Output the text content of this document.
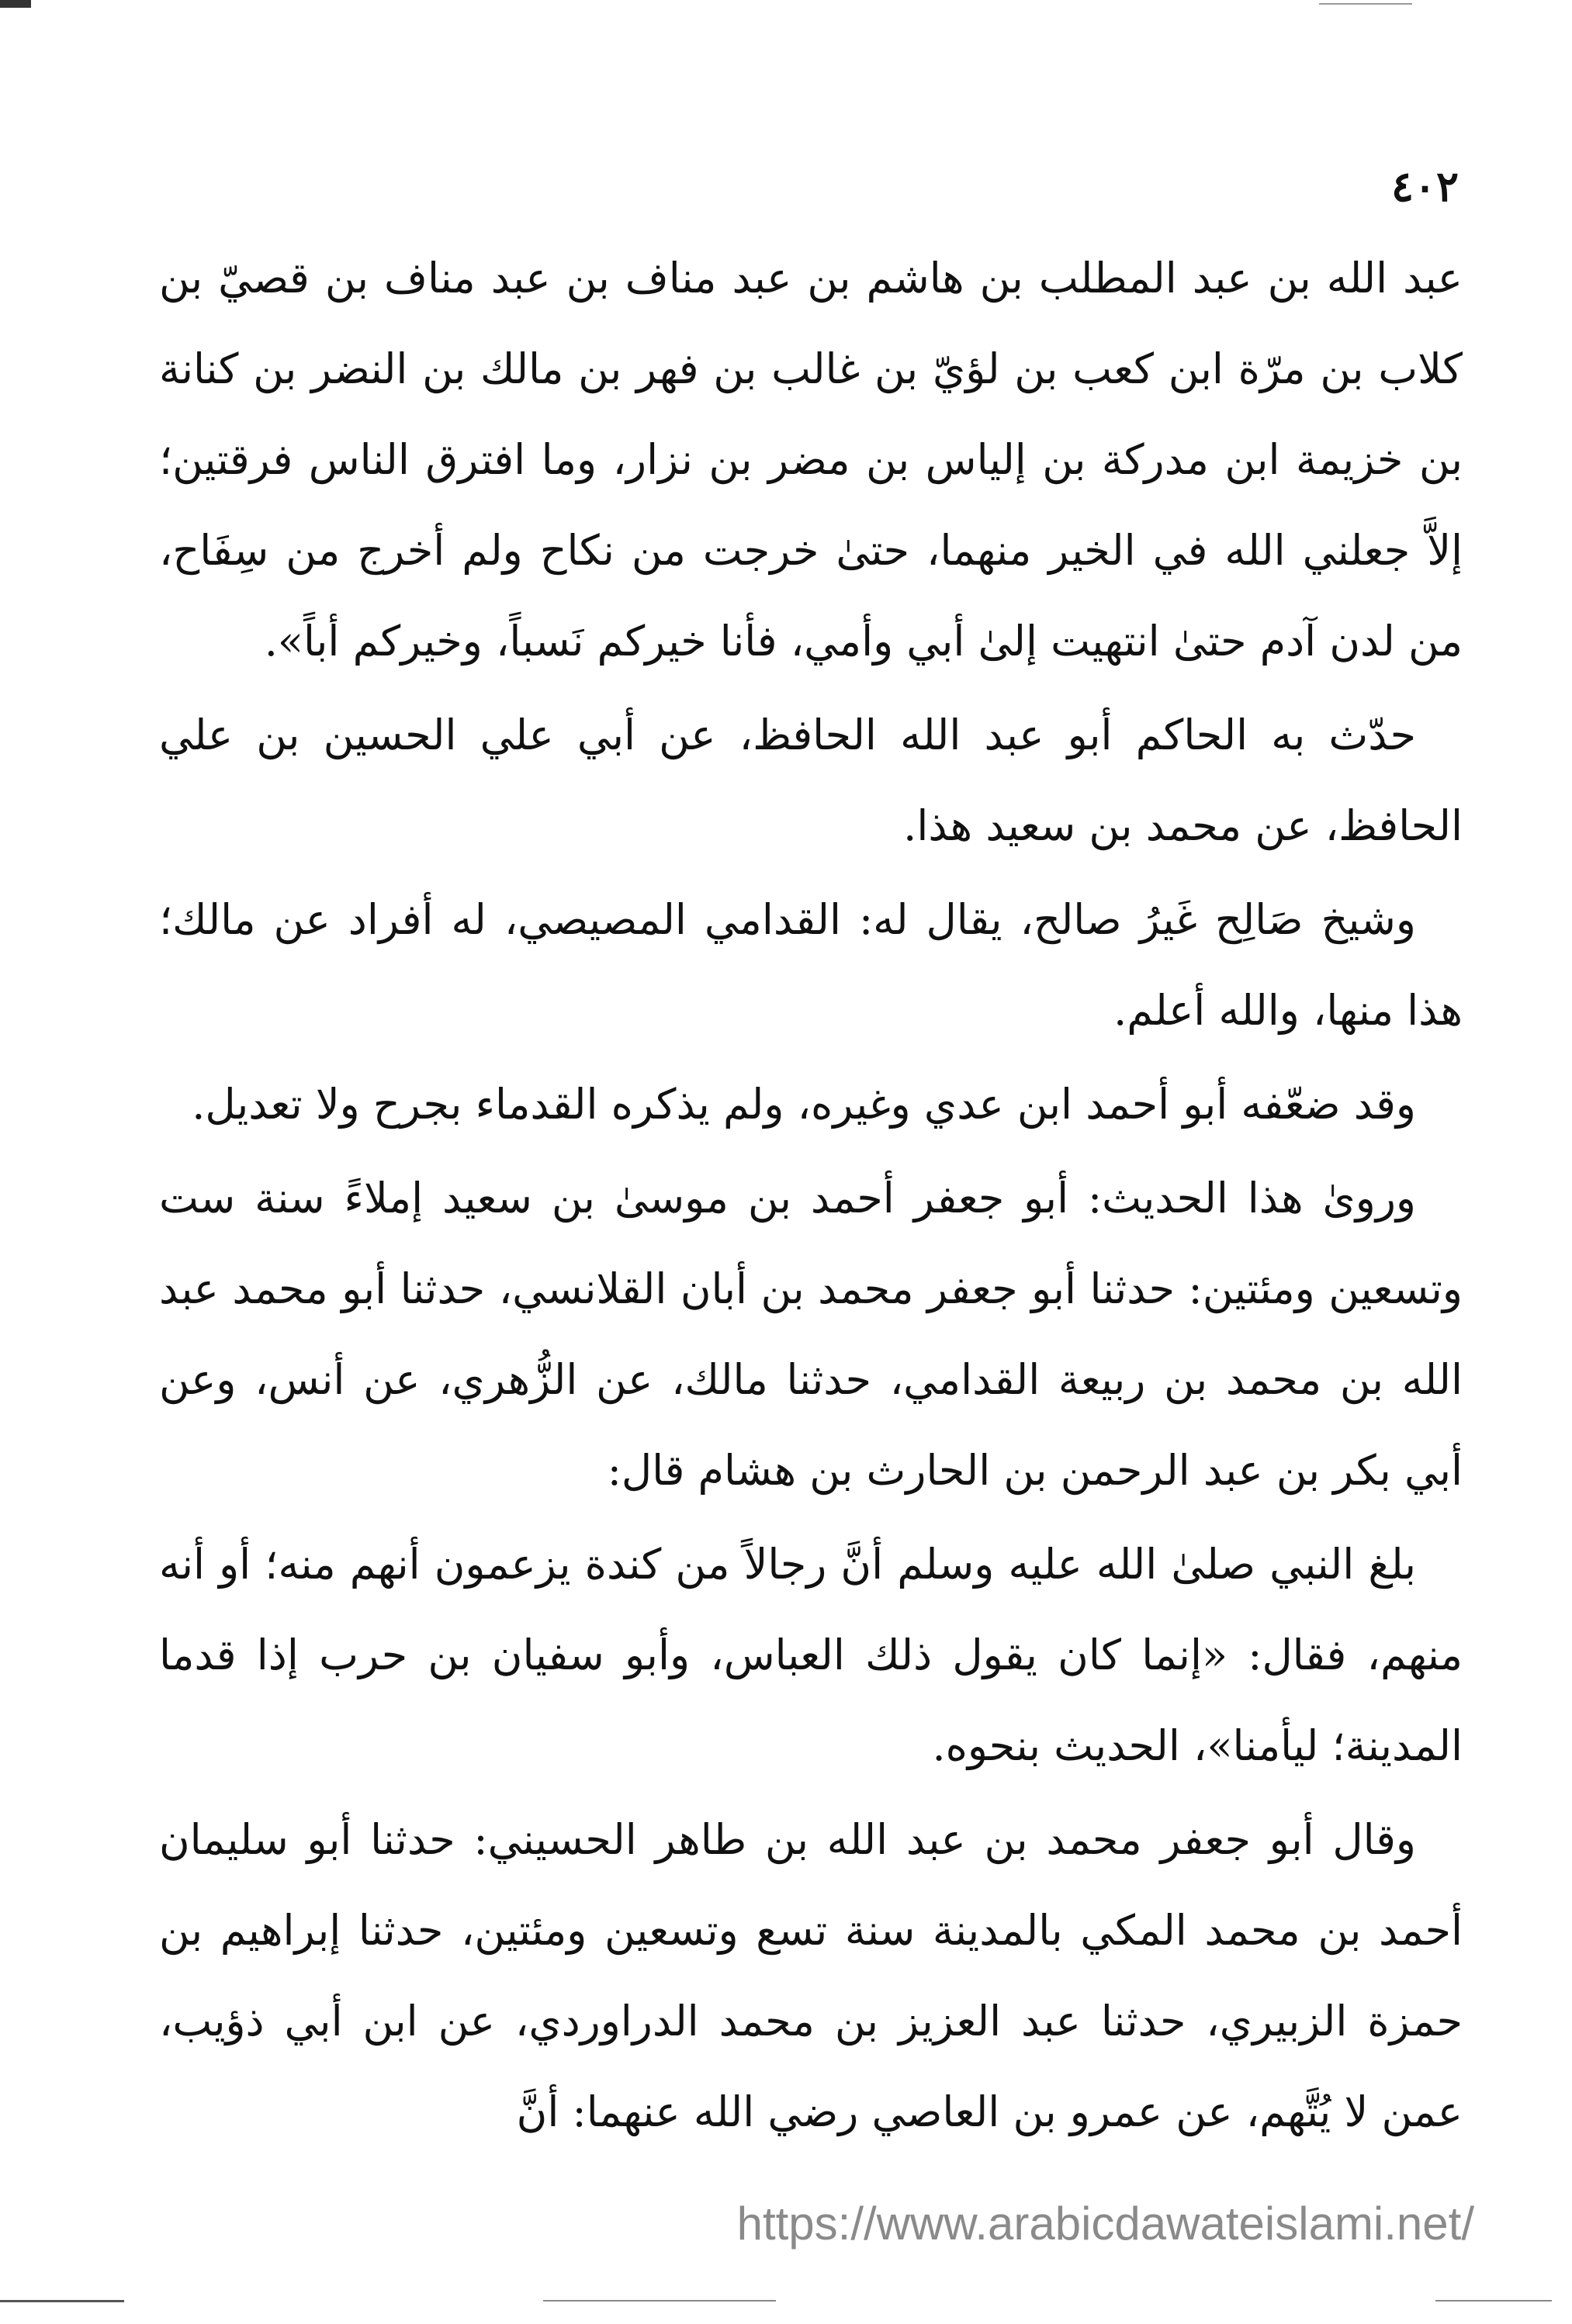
٤٠٢

عبد الله بن عبد المطلب بن هاشم بن عبد مناف بن عبد مناف بن قصيّ بن كلاب بن مرّة ابن كعب بن لؤيّ بن غالب بن فهر بن مالك بن النضر بن كنانة بن خزيمة ابن مدركة بن إلياس بن مضر بن نزار، وما افترق الناس فرقتين؛ إلاَّ جعلني الله في الخير منهما، حتىٰ خرجت من نكاح ولم أخرج من سِفَاح، من لدن آدم حتىٰ انتهيت إلىٰ أبي وأمي، فأنا خيركم نَسباً، وخيركم أباً».

حدّث به الحاكم أبو عبد الله الحافظ، عن أبي علي الحسين بن علي الحافظ، عن محمد بن سعيد هذا.

وشيخ صَالِح غَيرُ صالح، يقال له: القدامي المصيصي، له أفراد عن مالك؛ هذا منها، والله أعلم.

وقد ضعّفه أبو أحمد ابن عدي وغيره، ولم يذكره القدماء بجرح ولا تعديل.

ورویٰ هذا الحديث: أبو جعفر أحمد بن موسیٰ بن سعيد إملاءً سنة ست وتسعين ومئتين: حدثنا أبو جعفر محمد بن أبان القلانسي، حدثنا أبو محمد عبد الله بن محمد بن ربيعة القدامي، حدثنا مالك، عن الزُّهري، عن أنس، وعن أبي بكر بن عبد الرحمن بن الحارث بن هشام قال:

بلغ النبي صلىٰ الله عليه وسلم أنَّ رجالاً من كندة يزعمون أنهم منه؛ أو أنه منهم، فقال: «إنما كان يقول ذلك العباس، وأبو سفيان بن حرب إذا قدما المدينة؛ ليأمنا»، الحديث بنحوه.

وقال أبو جعفر محمد بن عبد الله بن طاهر الحسيني: حدثنا أبو سليمان أحمد بن محمد المكي بالمدينة سنة تسع وتسعين ومئتين، حدثنا إبراهيم بن حمزة الزبيري، حدثنا عبد العزيز بن محمد الدراوردي، عن ابن أبي ذؤيب، عمن لا يُتَّهم، عن عمرو بن العاصي رضي الله عنهما: أنَّ

https://www.arabicdawateislami.net/
